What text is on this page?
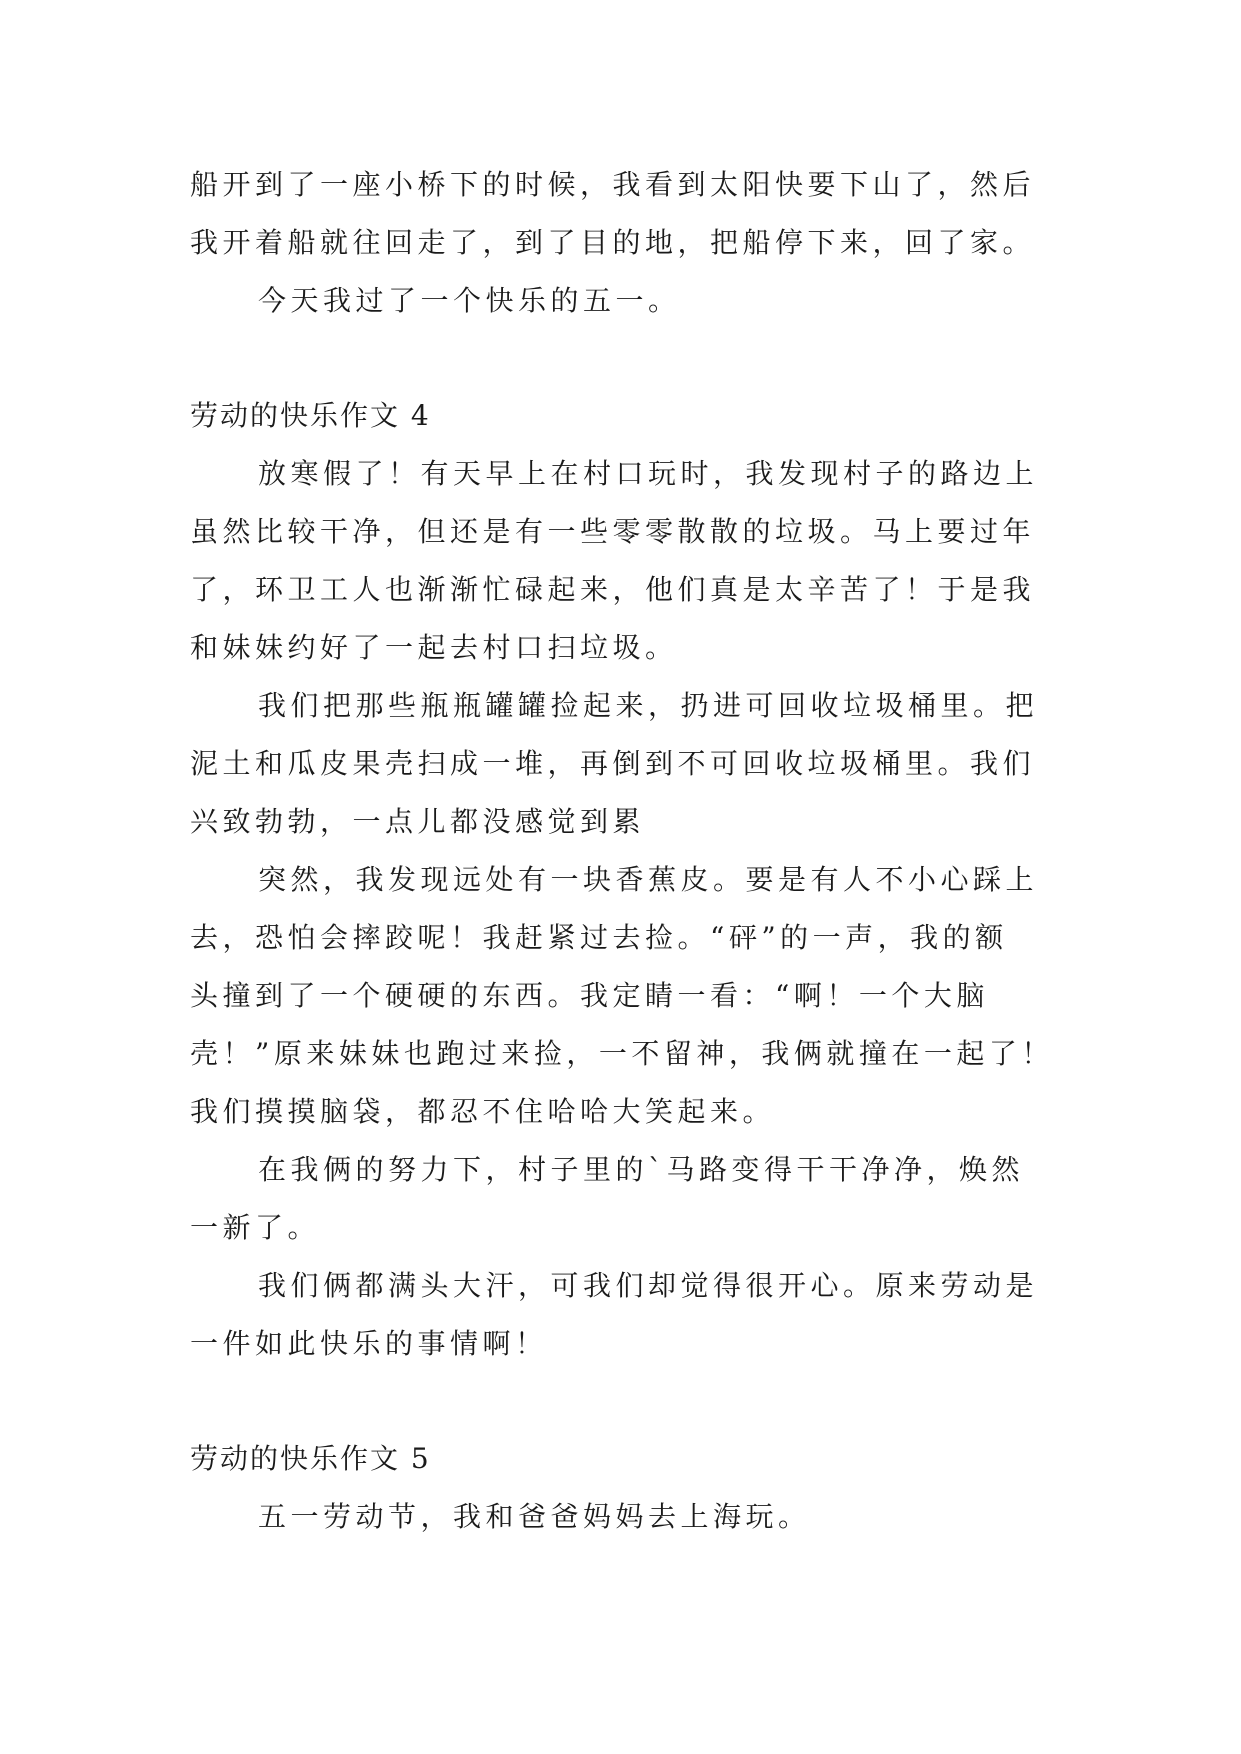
船开到了一座小桥下的时候，我看到太阳快要下山了，然后
我开着船就往回走了，到了目的地，把船停下来，回了家。
今天我过了一个快乐的五一。
劳动的快乐作文 4
放寒假了！有天早上在村口玩时，我发现村子的路边上
虽然比较干净，但还是有一些零零散散的垃圾。马上要过年
了，环卫工人也渐渐忙碌起来，他们真是太辛苦了！于是我
和妹妹约好了一起去村口扫垃圾。
我们把那些瓶瓶罐罐捡起来，扔进可回收垃圾桶里。把
泥土和瓜皮果壳扫成一堆，再倒到不可回收垃圾桶里。我们
兴致勃勃，一点儿都没感觉到累
突然，我发现远处有一块香蕉皮。要是有人不小心踩上
去，恐怕会摔跤呢！我赶紧过去捡。“砰”的一声，我的额
头撞到了一个硬硬的东西。我定睛一看：“啊！一个大脑
壳！”原来妹妹也跑过来捡，一不留神，我俩就撞在一起了！
我们摸摸脑袋，都忍不住哈哈大笑起来。
在我俩的努力下，村子里的`马路变得干干净净，焕然
一新了。
我们俩都满头大汗，可我们却觉得很开心。原来劳动是
一件如此快乐的事情啊！
劳动的快乐作文 5
五一劳动节，我和爸爸妈妈去上海玩。
